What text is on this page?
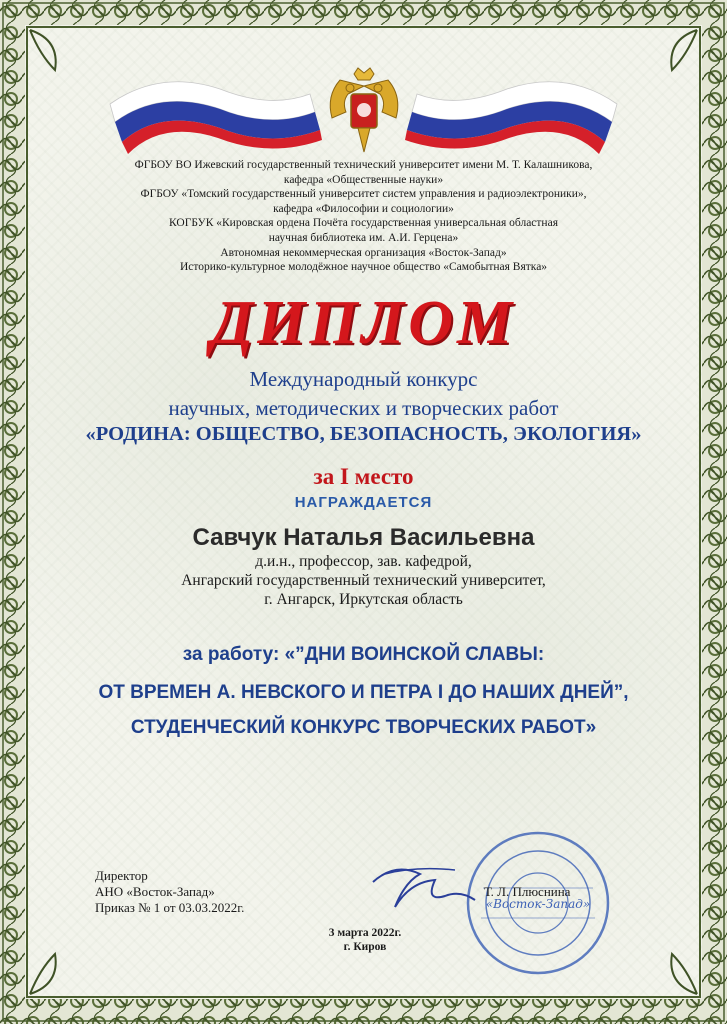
ФГБОУ ВО Ижевский государственный технический университет имени М. Т. Калашникова,
кафедра «Общественные науки»
ФГБОУ «Томский государственный университет систем управления и радиоэлектроники»,
кафедра «Философии и социологии»
КОГБУК «Кировская ордена Почёта государственная универсальная областная
научная библиотека им. А.И. Герцена»
Автономная некоммерческая организация «Восток-Запад»
Историко-культурное молодёжное научное общество «Самобытная Вятка»
ДИПЛОМ
Международный конкурс
научных, методических и творческих работ
«РОДИНА: ОБЩЕСТВО, БЕЗОПАСНОСТЬ, ЭКОЛОГИЯ»
за I место
НАГРАЖДАЕТСЯ
Савчук Наталья Васильевна
д.и.н., профессор, зав. кафедрой,
Ангарский государственный технический университет,
г. Ангарск, Иркутская область
за работу: «”ДНИ ВОИНСКОЙ СЛАВЫ:
ОТ ВРЕМЕН А. НЕВСКОГО И ПЕТРА I ДО НАШИХ ДНЕЙ”,
СТУДЕНЧЕСКИЙ КОНКУРС ТВОРЧЕСКИХ РАБОТ»
Директор
АНО «Восток-Запад»
Приказ № 1 от 03.03.2022г.	«Восток-Запад»
Т. Л. Плюснина
3 марта 2022г.
г. Киров
